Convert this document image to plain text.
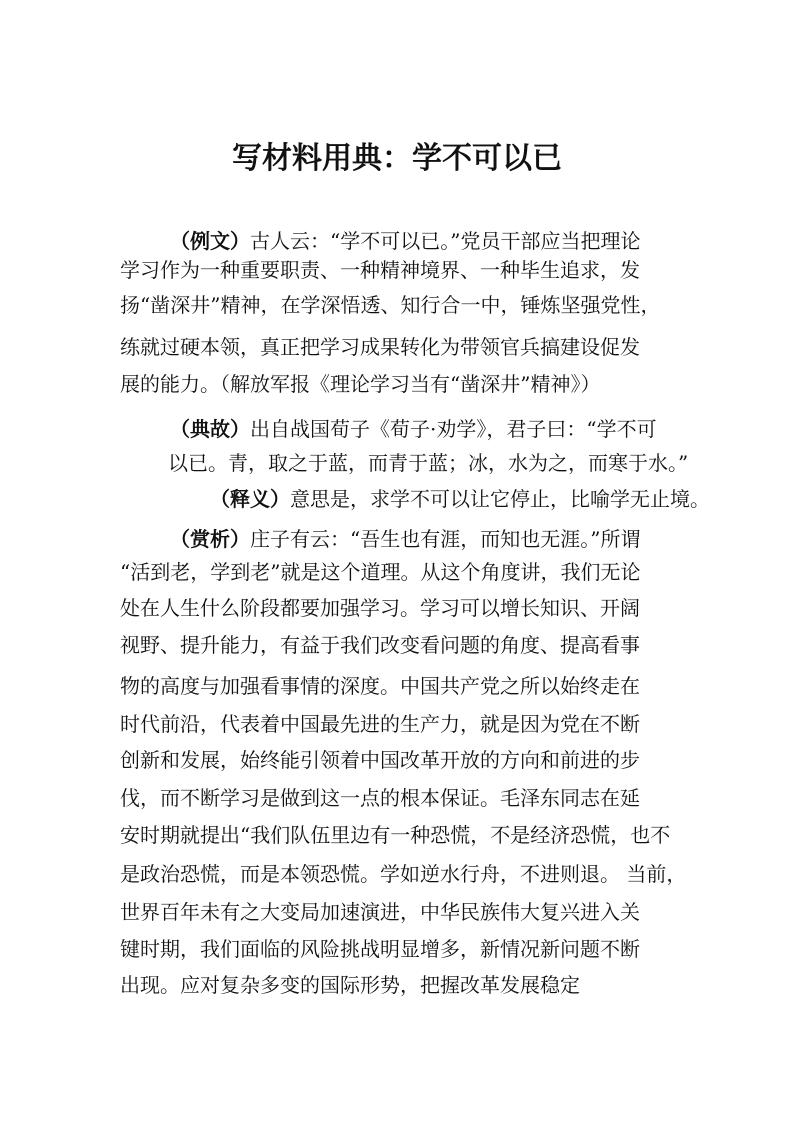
写材料用典：学不可以已
（例文）古人云：“学不可以已。”党员干部应当把理论
学习作为一种重要职责、一种精神境界、一种毕生追求，发
扬“凿深井”精神，在学深悟透、知行合一中，锤炼坚强党性，
练就过硬本领，真正把学习成果转化为带领官兵搞建设促发
展的能力。（解放军报《理论学习当有“凿深井”精神》）
（典故）出自战国荀子《荀子·劝学》，君子曰：“学不可
以已。青，取之于蓝，而青于蓝；冰，水为之，而寒于水。”
（释义）意思是，求学不可以让它停止，比喻学无止境。
（赏析）庄子有云：“吾生也有涯，而知也无涯。”所谓
“活到老，学到老”就是这个道理。从这个角度讲，我们无论
处在人生什么阶段都要加强学习。学习可以增长知识、开阔
视野、提升能力，有益于我们改变看问题的角度、提高看事
物的高度与加强看事情的深度。中国共产党之所以始终走在
时代前沿，代表着中国最先进的生产力，就是因为党在不断
创新和发展，始终能引领着中国改革开放的方向和前进的步
伐，而不断学习是做到这一点的根本保证。毛泽东同志在延
安时期就提出“我们队伍里边有一种恐慌，不是经济恐慌，也不
是政治恐慌，而是本领恐慌。学如逆水行舟，不进则退。 当前，
世界百年未有之大变局加速演进，中华民族伟大复兴进入关
键时期，我们面临的风险挑战明显增多，新情况新问题不断
出现。应对复杂多变的国际形势，把握改革发展稳定
